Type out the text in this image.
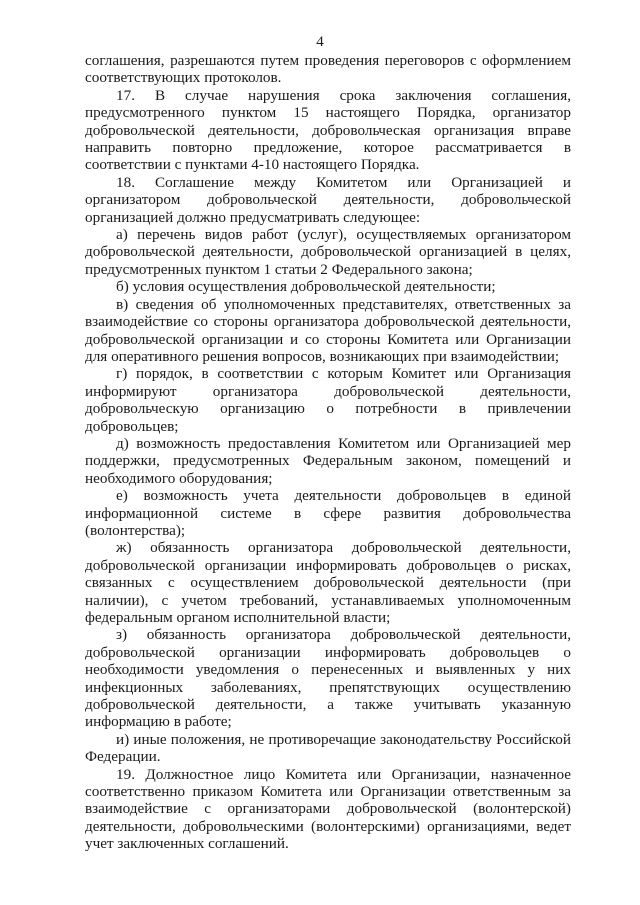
4

соглашения, разрешаются путем проведения переговоров с оформлением соответствующих протоколов.

17. В случае нарушения срока заключения соглашения, предусмотренного пунктом 15 настоящего Порядка, организатор добровольческой деятельности, добровольческая организация вправе направить повторно предложение, которое рассматривается в соответствии с пунктами 4-10 настоящего Порядка.

18. Соглашение между Комитетом или Организацией и организатором добровольческой деятельности, добровольческой организацией должно предусматривать следующее:

а) перечень видов работ (услуг), осуществляемых организатором добровольческой деятельности, добровольческой организацией в целях, предусмотренных пунктом 1 статьи 2 Федерального закона;

б) условия осуществления добровольческой деятельности;

в) сведения об уполномоченных представителях, ответственных за взаимодействие со стороны организатора добровольческой деятельности, добровольческой организации и со стороны Комитета или Организации для оперативного решения вопросов, возникающих при взаимодействии;

г) порядок, в соответствии с которым Комитет или Организация информируют организатора добровольческой деятельности, добровольческую организацию о потребности в привлечении добровольцев;

д) возможность предоставления Комитетом или Организацией мер поддержки, предусмотренных Федеральным законом, помещений и необходимого оборудования;

е) возможность учета деятельности добровольцев в единой информационной системе в сфере развития добровольчества (волонтерства);

ж) обязанность организатора добровольческой деятельности, добровольческой организации информировать добровольцев о рисках, связанных с осуществлением добровольческой деятельности (при наличии), с учетом требований, устанавливаемых уполномоченным федеральным органом исполнительной власти;

з) обязанность организатора добровольческой деятельности, добровольческой организации информировать добровольцев о необходимости уведомления о перенесенных и выявленных у них инфекционных заболеваниях, препятствующих осуществлению добровольческой деятельности, а также учитывать указанную информацию в работе;

и) иные положения, не противоречащие законодательству Российской Федерации.

19. Должностное лицо Комитета или Организации, назначенное соответственно приказом Комитета или Организации ответственным за взаимодействие с организаторами добровольческой (волонтерской) деятельности, добровольческими (волонтерскими) организациями, ведет учет заключенных соглашений.
